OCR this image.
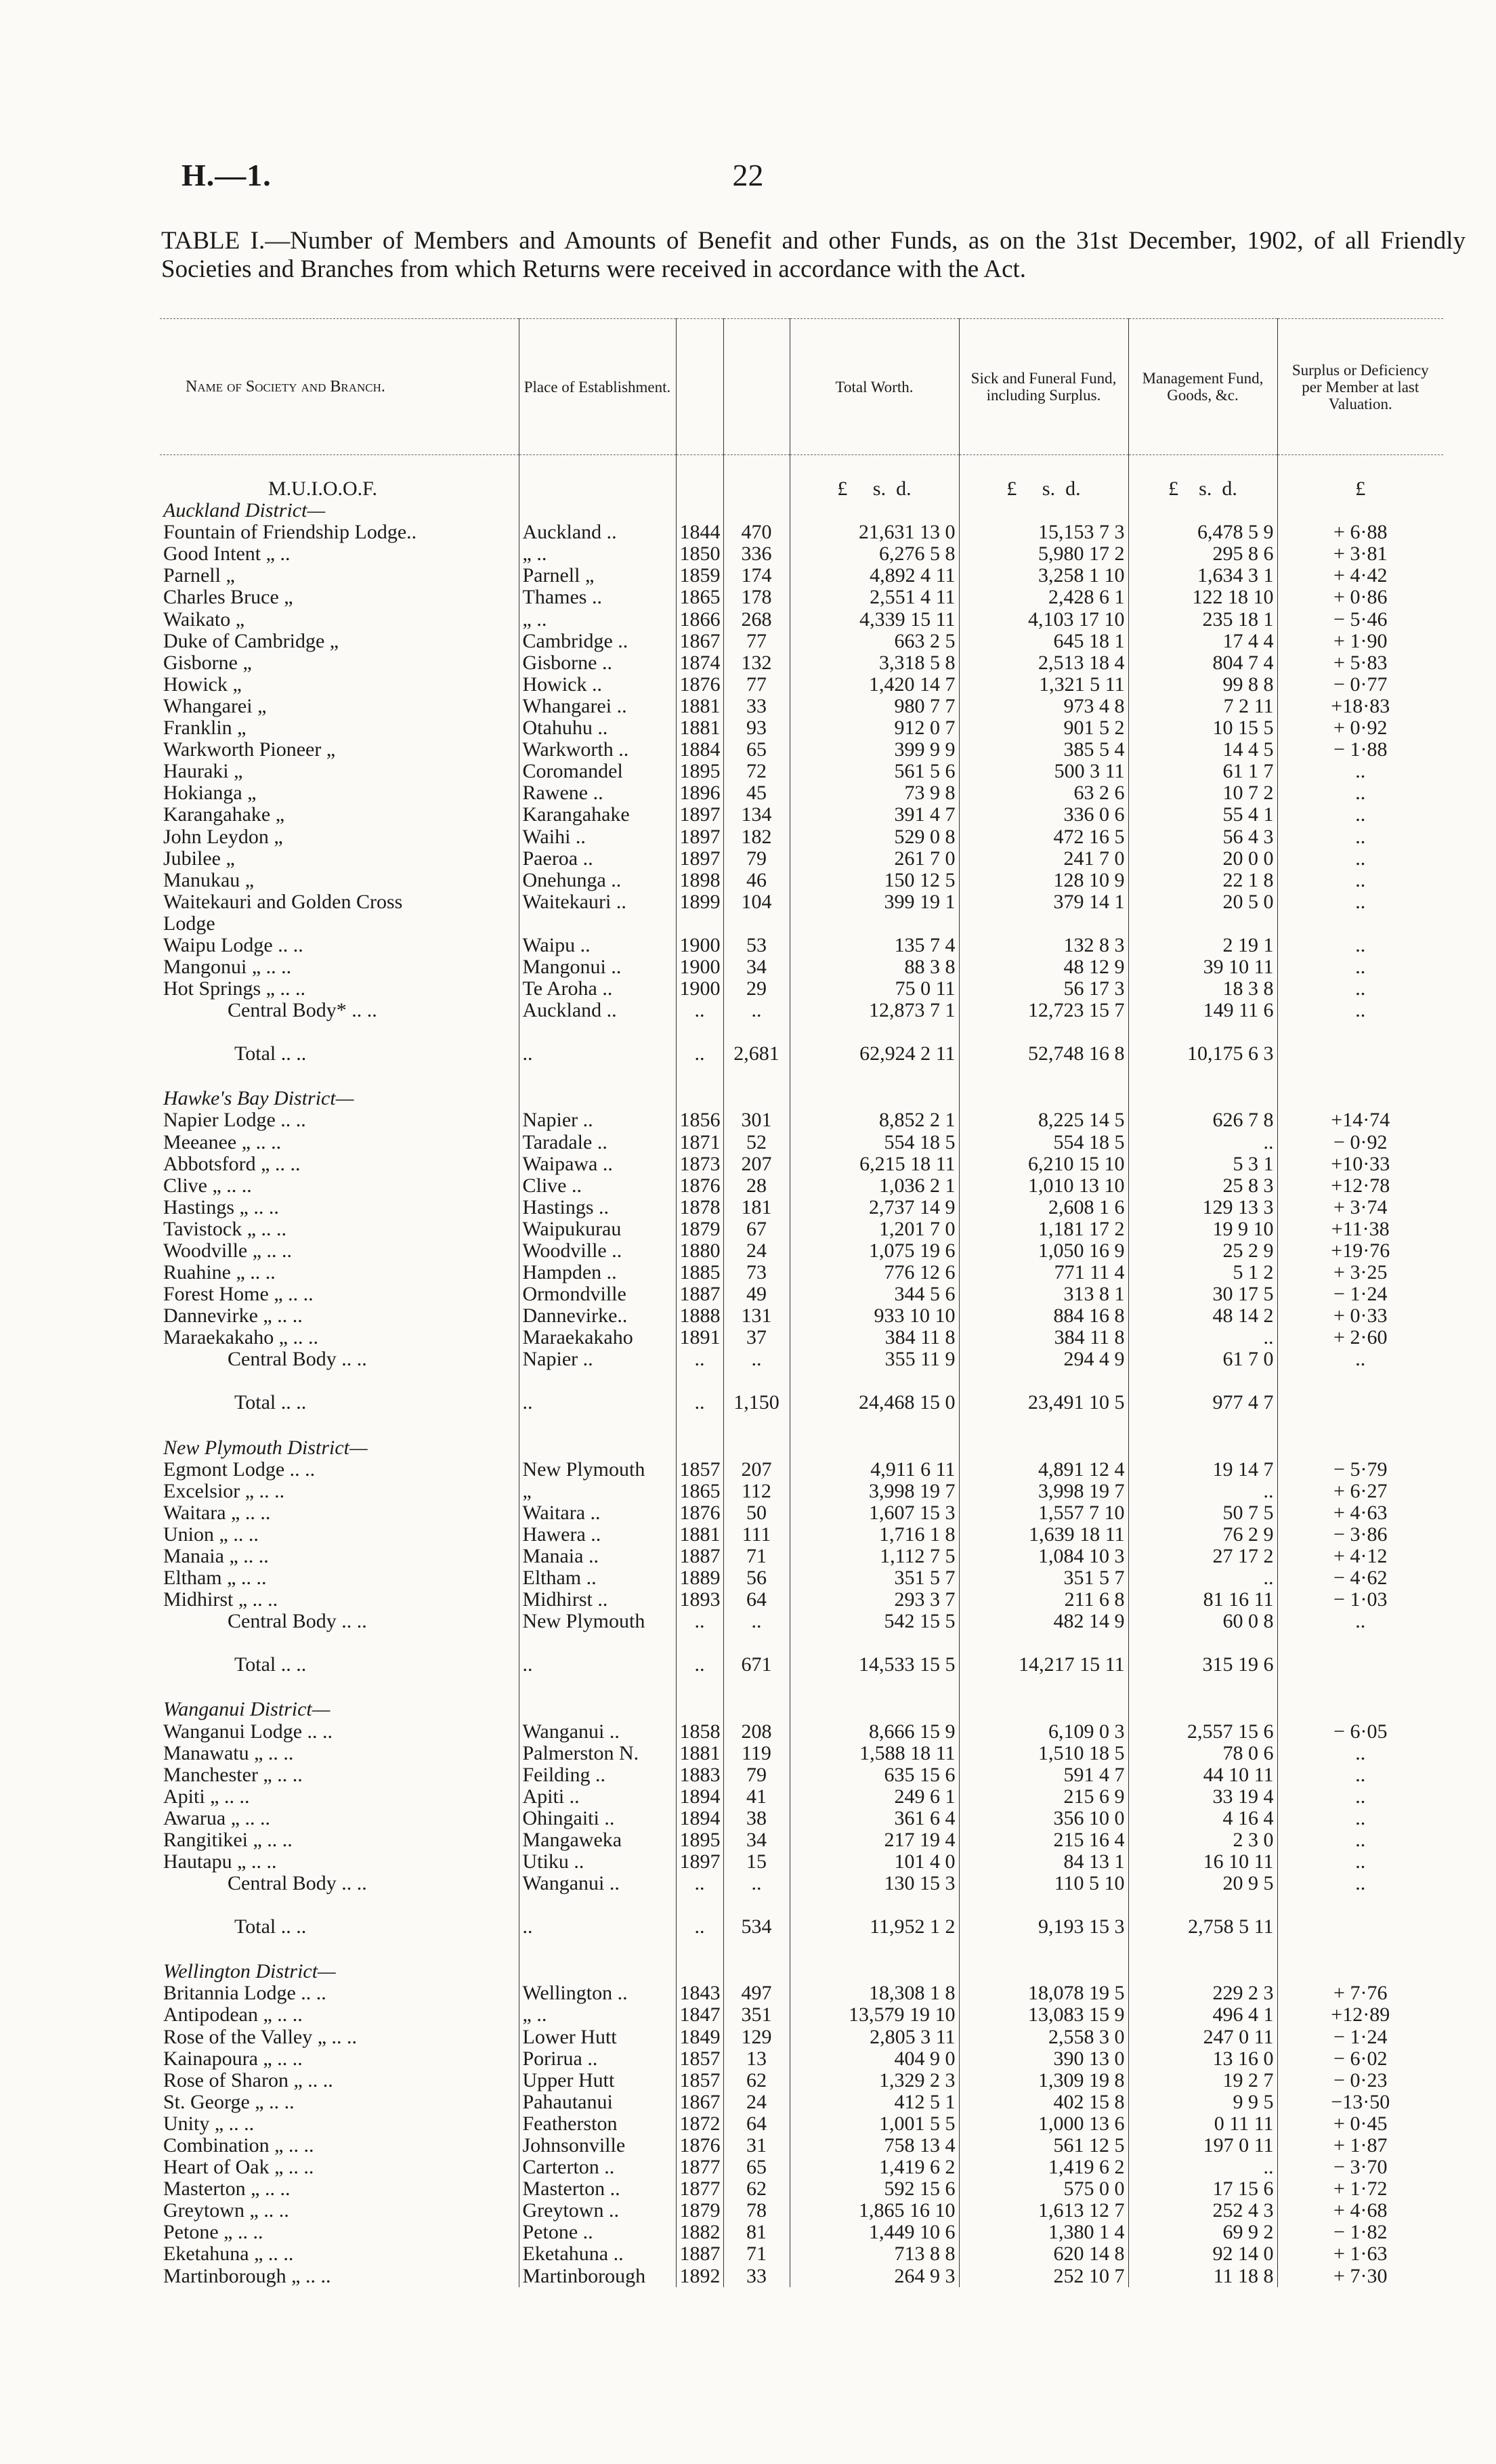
H.—1.	22
TABLE I.—Number of Members and Amounts of Benefit and other Funds, as on the 31st December, 1902, of all Friendly Societies and Branches from which Returns were received in accordance with the Act.
Name of Society and Branch.	Place of Establishment.			Total Worth.	Sick and Funeral Fund, including Surplus.	Management Fund, Goods, &c.	Surplus or Deficiency per Member at last Valuation.

M.U.I.O.O.F.				£ s. d.	£ s. d.	£ s. d.	£
Auckland District—							
Fountain of Friendship Lodge..	Auckland ..	1844	470	21,631 13 0	15,153 7 3	6,478 5 9	+ 6·88
Good Intent „ ..	„ ..	1850	336	6,276 5 8	5,980 17 2	295 8 6	+ 3·81
Parnell „	Parnell „	1859	174	4,892 4 11	3,258 1 10	1,634 3 1	+ 4·42
Charles Bruce „	Thames ..	1865	178	2,551 4 11	2,428 6 1	122 18 10	+ 0·86
Waikato „	„ ..	1866	268	4,339 15 11	4,103 17 10	235 18 1	− 5·46
Duke of Cambridge „	Cambridge ..	1867	77	663 2 5	645 18 1	17 4 4	+ 1·90
Gisborne „	Gisborne ..	1874	132	3,318 5 8	2,513 18 4	804 7 4	+ 5·83
Howick „	Howick ..	1876	77	1,420 14 7	1,321 5 11	99 8 8	− 0·77
Whangarei „	Whangarei ..	1881	33	980 7 7	973 4 8	7 2 11	+18·83
Franklin „	Otahuhu ..	1881	93	912 0 7	901 5 2	10 15 5	+ 0·92
Warkworth Pioneer „	Warkworth ..	1884	65	399 9 9	385 5 4	14 4 5	− 1·88
Hauraki „	Coromandel	1895	72	561 5 6	500 3 11	61 1 7	..
Hokianga „	Rawene ..	1896	45	73 9 8	63 2 6	10 7 2	..
Karangahake „	Karangahake	1897	134	391 4 7	336 0 6	55 4 1	..
John Leydon „	Waihi ..	1897	182	529 0 8	472 16 5	56 4 3	..
Jubilee „	Paeroa ..	1897	79	261 7 0	241 7 0	20 0 0	..
Manukau „	Onehunga ..	1898	46	150 12 5	128 10 9	22 1 8	..
Waitekauri and Golden Cross	Waitekauri ..	1899	104	399 19 1	379 14 1	20 5 0	..
Lodge							
Waipu Lodge .. ..	Waipu ..	1900	53	135 7 4	132 8 3	2 19 1	..
Mangonui „ .. ..	Mangonui ..	1900	34	88 3 8	48 12 9	39 10 11	..
Hot Springs „ .. ..	Te Aroha ..	1900	29	75 0 11	56 17 3	18 3 8	..
Central Body* .. ..	Auckland ..	..	..	12,873 7 1	12,723 15 7	149 11 6	..
Total .. ..	..	..	2,681	62,924 2 11	52,748 16 8	10,175 6 3	

Hawke's Bay District—							
Napier Lodge .. ..	Napier ..	1856	301	8,852 2 1	8,225 14 5	626 7 8	+14·74
Meeanee „ .. ..	Taradale ..	1871	52	554 18 5	554 18 5	..	− 0·92
Abbotsford „ .. ..	Waipawa ..	1873	207	6,215 18 11	6,210 15 10	5 3 1	+10·33
Clive „ .. ..	Clive ..	1876	28	1,036 2 1	1,010 13 10	25 8 3	+12·78
Hastings „ .. ..	Hastings ..	1878	181	2,737 14 9	2,608 1 6	129 13 3	+ 3·74
Tavistock „ .. ..	Waipukurau	1879	67	1,201 7 0	1,181 17 2	19 9 10	+11·38
Woodville „ .. ..	Woodville ..	1880	24	1,075 19 6	1,050 16 9	25 2 9	+19·76
Ruahine „ .. ..	Hampden ..	1885	73	776 12 6	771 11 4	5 1 2	+ 3·25
Forest Home „ .. ..	Ormondville	1887	49	344 5 6	313 8 1	30 17 5	− 1·24
Dannevirke „ .. ..	Dannevirke..	1888	131	933 10 10	884 16 8	48 14 2	+ 0·33
Maraekakaho „ .. ..	Maraekakaho	1891	37	384 11 8	384 11 8	..	+ 2·60
Central Body .. ..	Napier ..	..	..	355 11 9	294 4 9	61 7 0	..
Total .. ..	..	..	1,150	24,468 15 0	23,491 10 5	977 4 7	

New Plymouth District—							
Egmont Lodge .. ..	New Plymouth	1857	207	4,911 6 11	4,891 12 4	19 14 7	− 5·79
Excelsior „ .. ..	„	1865	112	3,998 19 7	3,998 19 7	..	+ 6·27
Waitara „ .. ..	Waitara ..	1876	50	1,607 15 3	1,557 7 10	50 7 5	+ 4·63
Union „ .. ..	Hawera ..	1881	111	1,716 1 8	1,639 18 11	76 2 9	− 3·86
Manaia „ .. ..	Manaia ..	1887	71	1,112 7 5	1,084 10 3	27 17 2	+ 4·12
Eltham „ .. ..	Eltham ..	1889	56	351 5 7	351 5 7	..	− 4·62
Midhirst „ .. ..	Midhirst ..	1893	64	293 3 7	211 6 8	81 16 11	− 1·03
Central Body .. ..	New Plymouth	..	..	542 15 5	482 14 9	60 0 8	..
Total .. ..	..	..	671	14,533 15 5	14,217 15 11	315 19 6	

Wanganui District—							
Wanganui Lodge .. ..	Wanganui ..	1858	208	8,666 15 9	6,109 0 3	2,557 15 6	− 6·05
Manawatu „ .. ..	Palmerston N.	1881	119	1,588 18 11	1,510 18 5	78 0 6	..
Manchester „ .. ..	Feilding ..	1883	79	635 15 6	591 4 7	44 10 11	..
Apiti „ .. ..	Apiti ..	1894	41	249 6 1	215 6 9	33 19 4	..
Awarua „ .. ..	Ohingaiti ..	1894	38	361 6 4	356 10 0	4 16 4	..
Rangitikei „ .. ..	Mangaweka	1895	34	217 19 4	215 16 4	2 3 0	..
Hautapu „ .. ..	Utiku ..	1897	15	101 4 0	84 13 1	16 10 11	..
Central Body .. ..	Wanganui ..	..	..	130 15 3	110 5 10	20 9 5	..
Total .. ..	..	..	534	11,952 1 2	9,193 15 3	2,758 5 11	

Wellington District—							
Britannia Lodge .. ..	Wellington ..	1843	497	18,308 1 8	18,078 19 5	229 2 3	+ 7·76
Antipodean „ .. ..	„ ..	1847	351	13,579 19 10	13,083 15 9	496 4 1	+12·89
Rose of the Valley „ .. ..	Lower Hutt	1849	129	2,805 3 11	2,558 3 0	247 0 11	− 1·24
Kainapoura „ .. ..	Porirua ..	1857	13	404 9 0	390 13 0	13 16 0	− 6·02
Rose of Sharon „ .. ..	Upper Hutt	1857	62	1,329 2 3	1,309 19 8	19 2 7	− 0·23
St. George „ .. ..	Pahautanui	1867	24	412 5 1	402 15 8	9 9 5	−13·50
Unity „ .. ..	Featherston	1872	64	1,001 5 5	1,000 13 6	0 11 11	+ 0·45
Combination „ .. ..	Johnsonville	1876	31	758 13 4	561 12 5	197 0 11	+ 1·87
Heart of Oak „ .. ..	Carterton ..	1877	65	1,419 6 2	1,419 6 2	..	− 3·70
Masterton „ .. ..	Masterton ..	1877	62	592 15 6	575 0 0	17 15 6	+ 1·72
Greytown „ .. ..	Greytown ..	1879	78	1,865 16 10	1,613 12 7	252 4 3	+ 4·68
Petone „ .. ..	Petone ..	1882	81	1,449 10 6	1,380 1 4	69 9 2	− 1·82
Eketahuna „ .. ..	Eketahuna ..	1887	71	713 8 8	620 14 8	92 14 0	+ 1·63
Martinborough „ .. ..	Martinborough	1892	33	264 9 3	252 10 7	11 18 8	+ 7·30
